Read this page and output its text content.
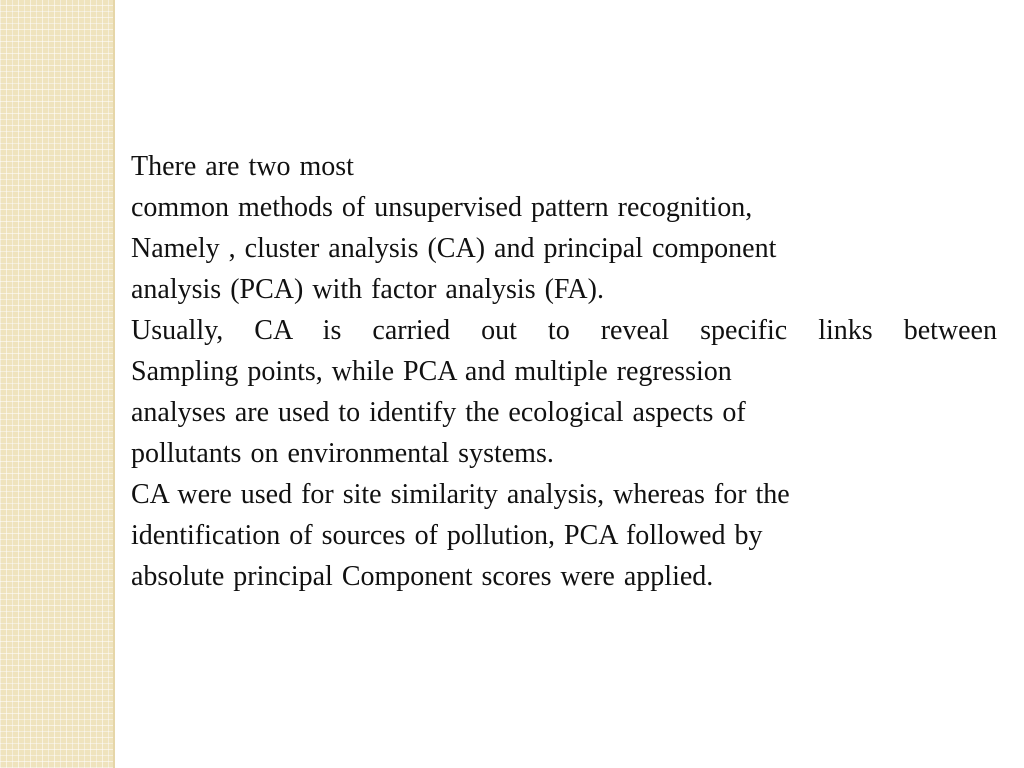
There are two most
common methods of unsupervised pattern recognition,
Namely , cluster analysis (CA) and principal component
analysis (PCA) with factor analysis (FA).
Usually, CA is carried out to reveal specific links between
Sampling points, while PCA and multiple regression
analyses are used to identify the ecological aspects of
pollutants on environmental systems.
CA were used for site similarity analysis, whereas for the
identification of sources of pollution, PCA followed by
absolute principal Component scores were applied.
